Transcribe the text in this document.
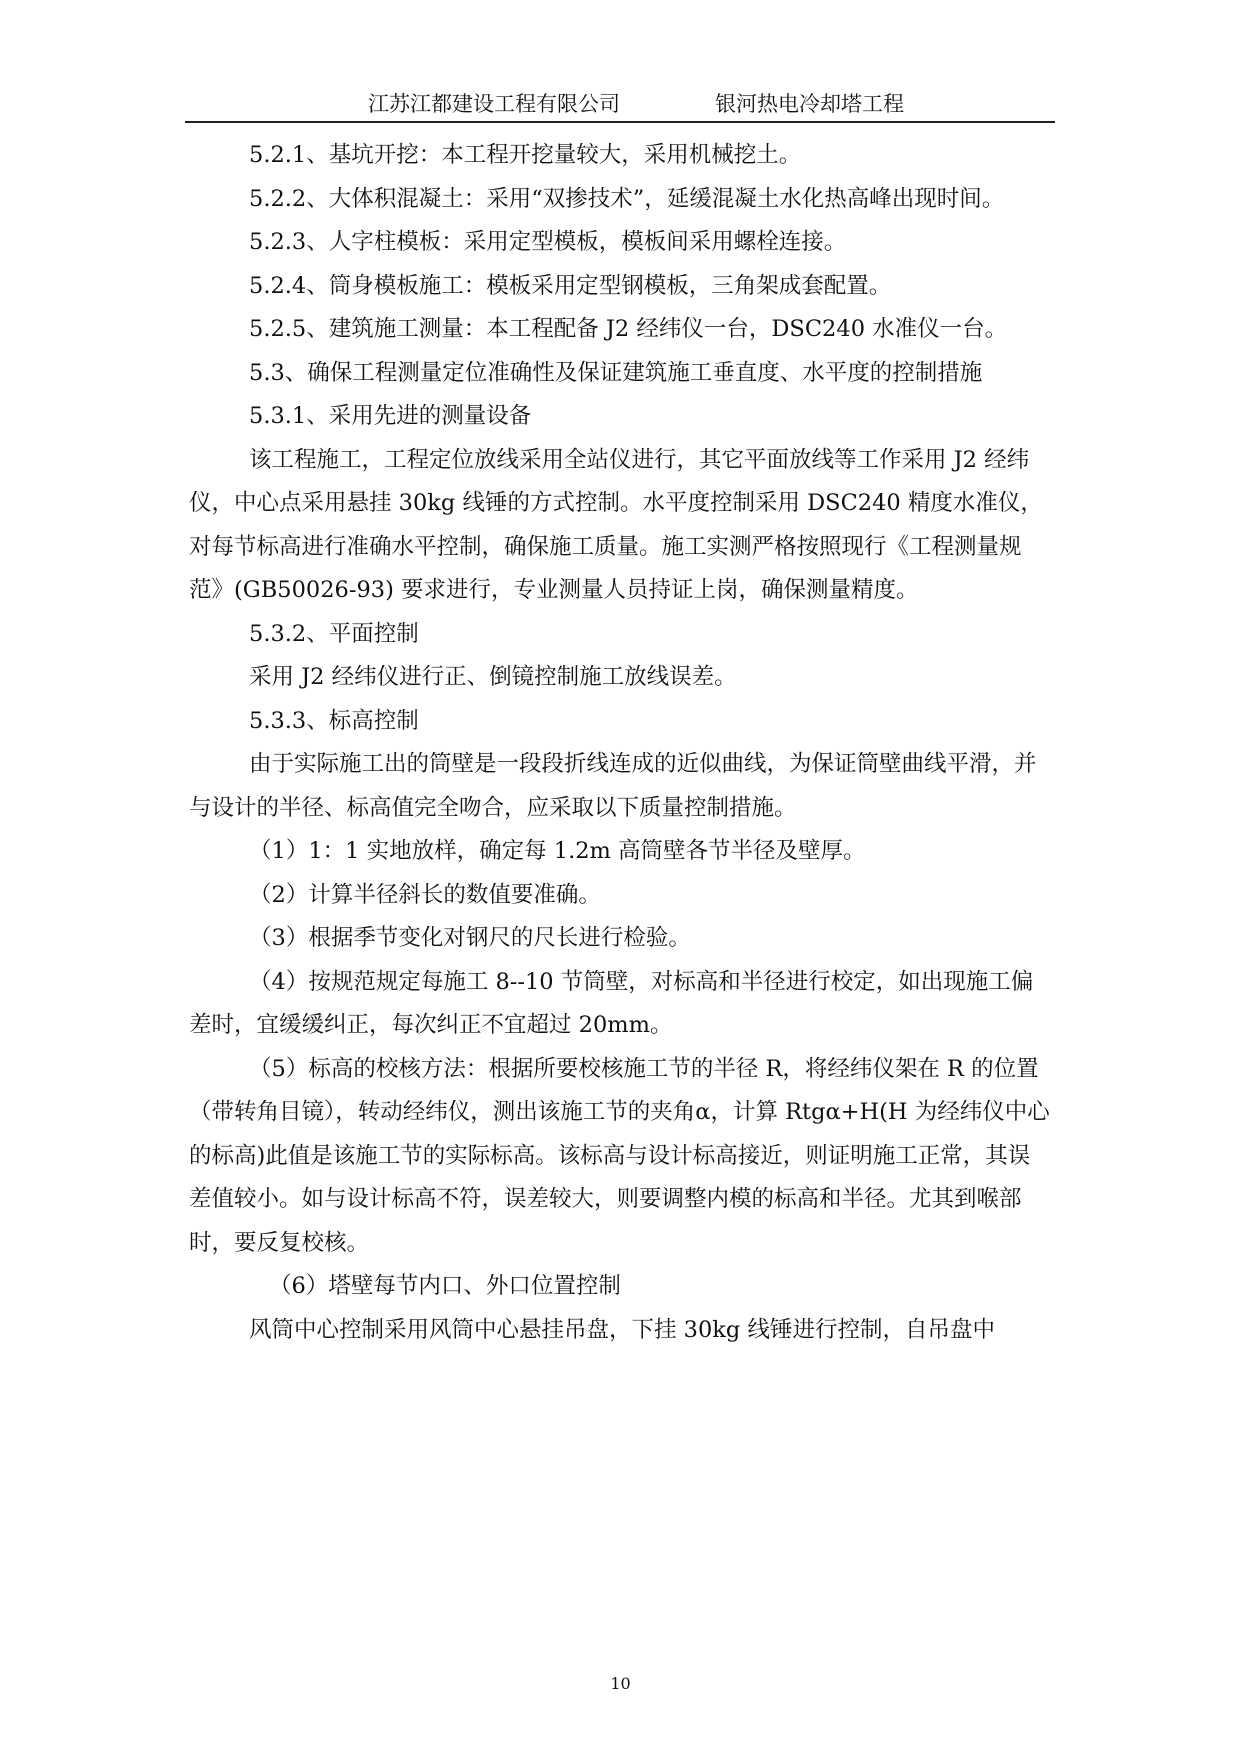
江苏江都建设工程有限公司	银河热电冷却塔工程

5.2.1、基坑开挖：本工程开挖量较大，采用机械挖土。

5.2.2、大体积混凝土：采用“双掺技术”，延缓混凝土水化热高峰出现时间。

5.2.3、人字柱模板：采用定型模板，模板间采用螺栓连接。

5.2.4、筒身模板施工：模板采用定型钢模板，三角架成套配置。

5.2.5、建筑施工测量：本工程配备 J2 经纬仪一台，DSC240 水准仪一台。

5.3、确保工程测量定位准确性及保证建筑施工垂直度、水平度的控制措施

5.3.1、采用先进的测量设备

该工程施工，工程定位放线采用全站仪进行，其它平面放线等工作采用 J2 经纬仪，中心点采用悬挂 30kg 线锤的方式控制。水平度控制采用 DSC240 精度水准仪，对每节标高进行准确水平控制，确保施工质量。施工实测严格按照现行《工程测量规范》(GB50026-93) 要求进行，专业测量人员持证上岗，确保测量精度。

5.3.2、平面控制

采用 J2 经纬仪进行正、倒镜控制施工放线误差。

5.3.3、标高控制

由于实际施工出的筒壁是一段段折线连成的近似曲线，为保证筒壁曲线平滑，并与设计的半径、标高值完全吻合，应采取以下质量控制措施。

（1）1：1 实地放样，确定每 1.2m 高筒壁各节半径及壁厚。

（2）计算半径斜长的数值要准确。

（3）根据季节变化对钢尺的尺长进行检验。

（4）按规范规定每施工 8--10 节筒壁，对标高和半径进行校定，如出现施工偏差时，宜缓缓纠正，每次纠正不宜超过 20mm。

（5）标高的校核方法：根据所要校核施工节的半径 R，将经纬仪架在 R 的位置（带转角目镜），转动经纬仪，测出该施工节的夹角α，计算 Rtgα+H(H 为经纬仪中心的标高)此值是该施工节的实际标高。该标高与设计标高接近，则证明施工正常，其误差值较小。如与设计标高不符，误差较大，则要调整内模的标高和半径。尤其到喉部时，要反复校核。

（6）塔壁每节内口、外口位置控制

风筒中心控制采用风筒中心悬挂吊盘，下挂 30kg 线锤进行控制，自吊盘中

10
